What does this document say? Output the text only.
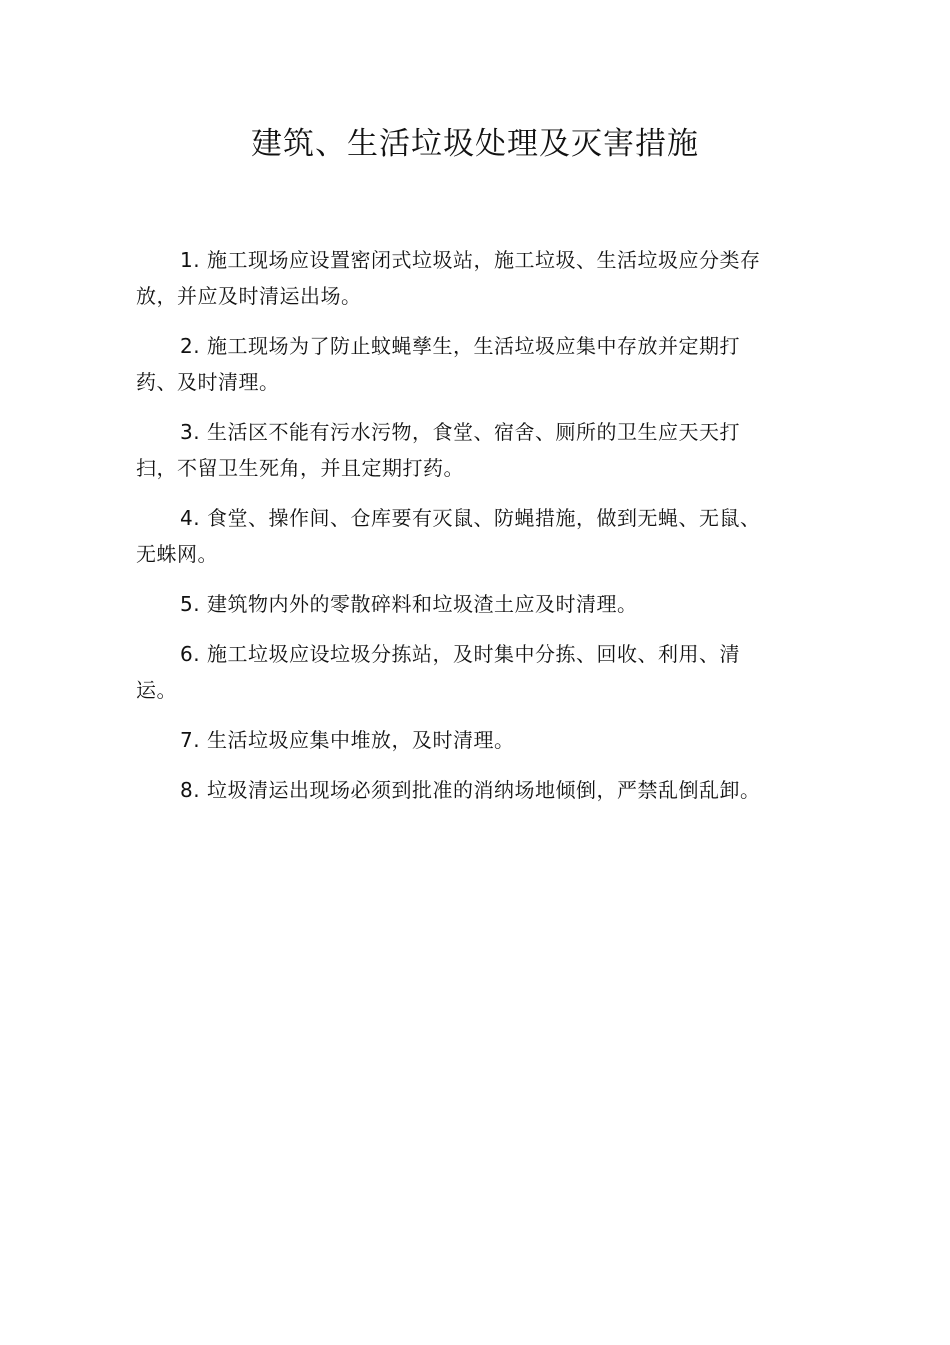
建筑、生活垃圾处理及灭害措施
1. 施工现场应设置密闭式垃圾站，施工垃圾、生活垃圾应分类存放，并应及时清运出场。
2. 施工现场为了防止蚊蝇孳生，生活垃圾应集中存放并定期打药、及时清理。
3. 生活区不能有污水污物，食堂、宿舍、厕所的卫生应天天打扫，不留卫生死角，并且定期打药。
4. 食堂、操作间、仓库要有灭鼠、防蝇措施，做到无蝇、无鼠、无蛛网。
5. 建筑物内外的零散碎料和垃圾渣土应及时清理。
6. 施工垃圾应设垃圾分拣站，及时集中分拣、回收、利用、清运。
7. 生活垃圾应集中堆放，及时清理。
8. 垃圾清运出现场必须到批准的消纳场地倾倒，严禁乱倒乱卸。
